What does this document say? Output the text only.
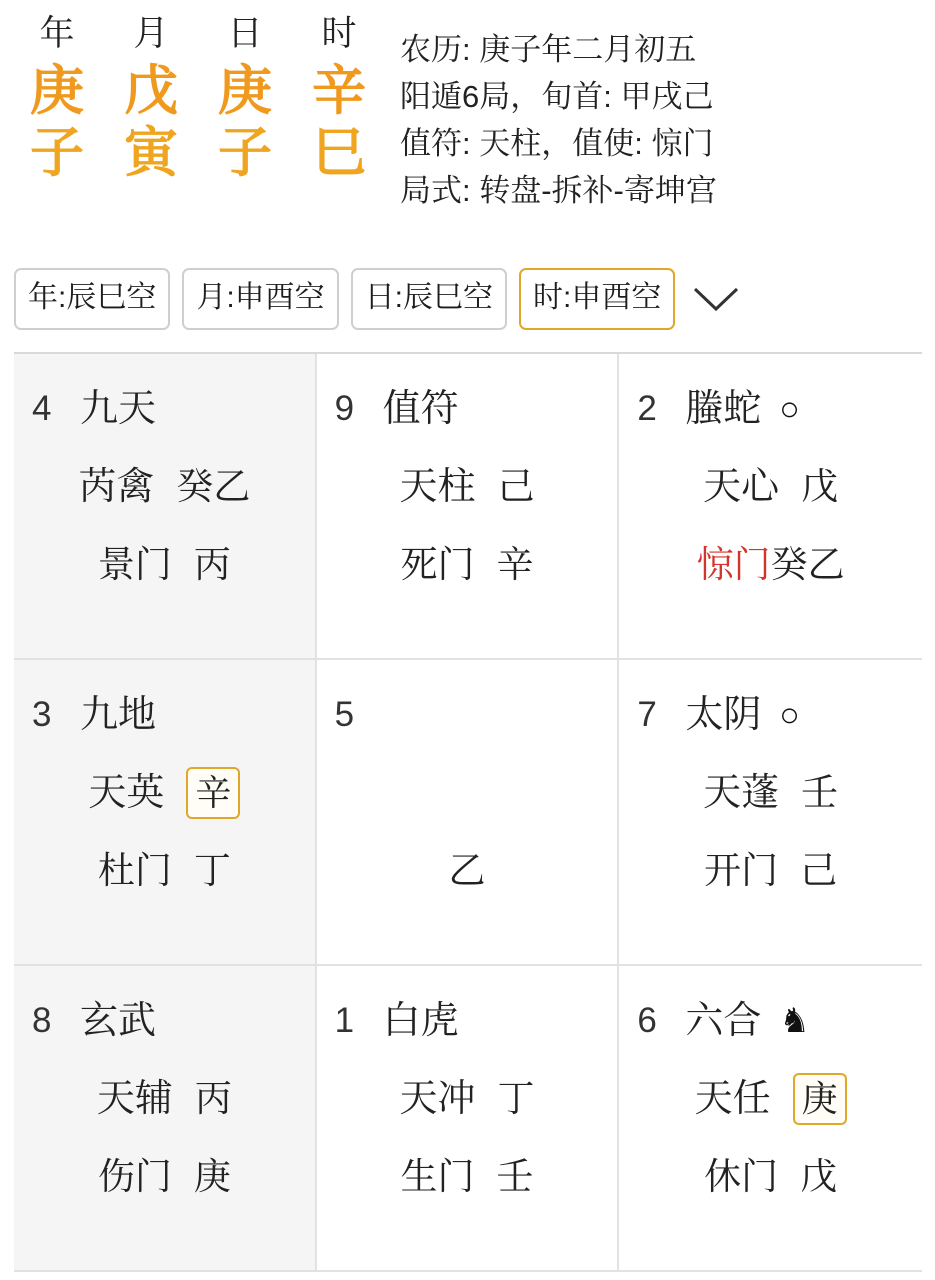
年	月	日	时
庚 戊 庚 辛
子 寅 子 巳
农历: 庚子年二月初五
阳遁6局，旬首: 甲戌己
值符: 天柱，值使: 惊门
局式: 转盘-拆补-寄坤宫
年:辰巳空	月:申酉空	日:辰巳空	时:申酉空
4 九天
芮禽 癸乙
景门 丙
9 值符
天柱 己
死门 辛
2 螣蛇 ○
天心 戊
惊门 癸乙
3 九地
天英 辛
杜门 丁
5
乙
7 太阴 ○
天蓬 壬
开门 己
8 玄武
天辅 丙
伤门 庚
1 白虎
天冲 丁
生门 壬
6 六合 ♞
天任 庚
休门 戊
